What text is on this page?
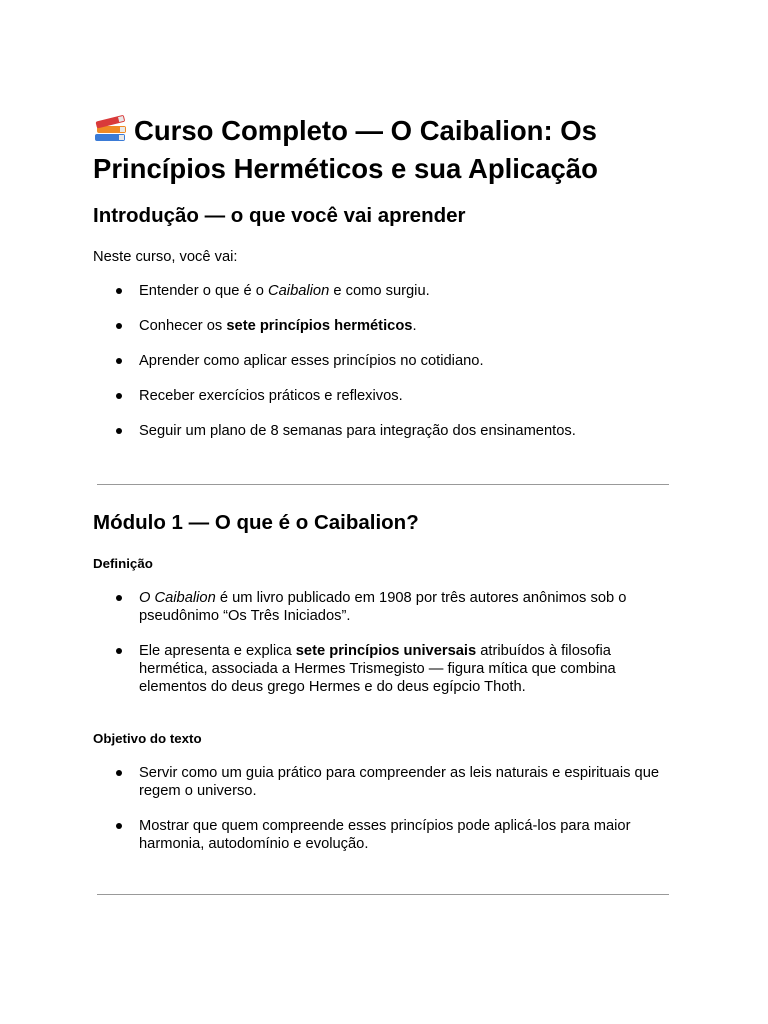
Curso Completo — O Caibalion: Os Princípios Herméticos e sua Aplicação
Introdução — o que você vai aprender

Neste curso, você vai:

Entender o que é o Caibalion e como surgiu.
Conhecer os sete princípios herméticos.
Aprender como aplicar esses princípios no cotidiano.
Receber exercícios práticos e reflexivos.
Seguir um plano de 8 semanas para integração dos ensinamentos.
Módulo 1 — O que é o Caibalion?
Definição
O Caibalion é um livro publicado em 1908 por três autores anônimos sob o pseudônimo “Os Três Iniciados”.
Ele apresenta e explica sete princípios universais atribuídos à filosofia hermética, associada a Hermes Trismegisto — figura mítica que combina elementos do deus grego Hermes e do deus egípcio Thoth.
Objetivo do texto
Servir como um guia prático para compreender as leis naturais e espirituais que regem o universo.
Mostrar que quem compreende esses princípios pode aplicá-los para maior harmonia, autodomínio e evolução.
